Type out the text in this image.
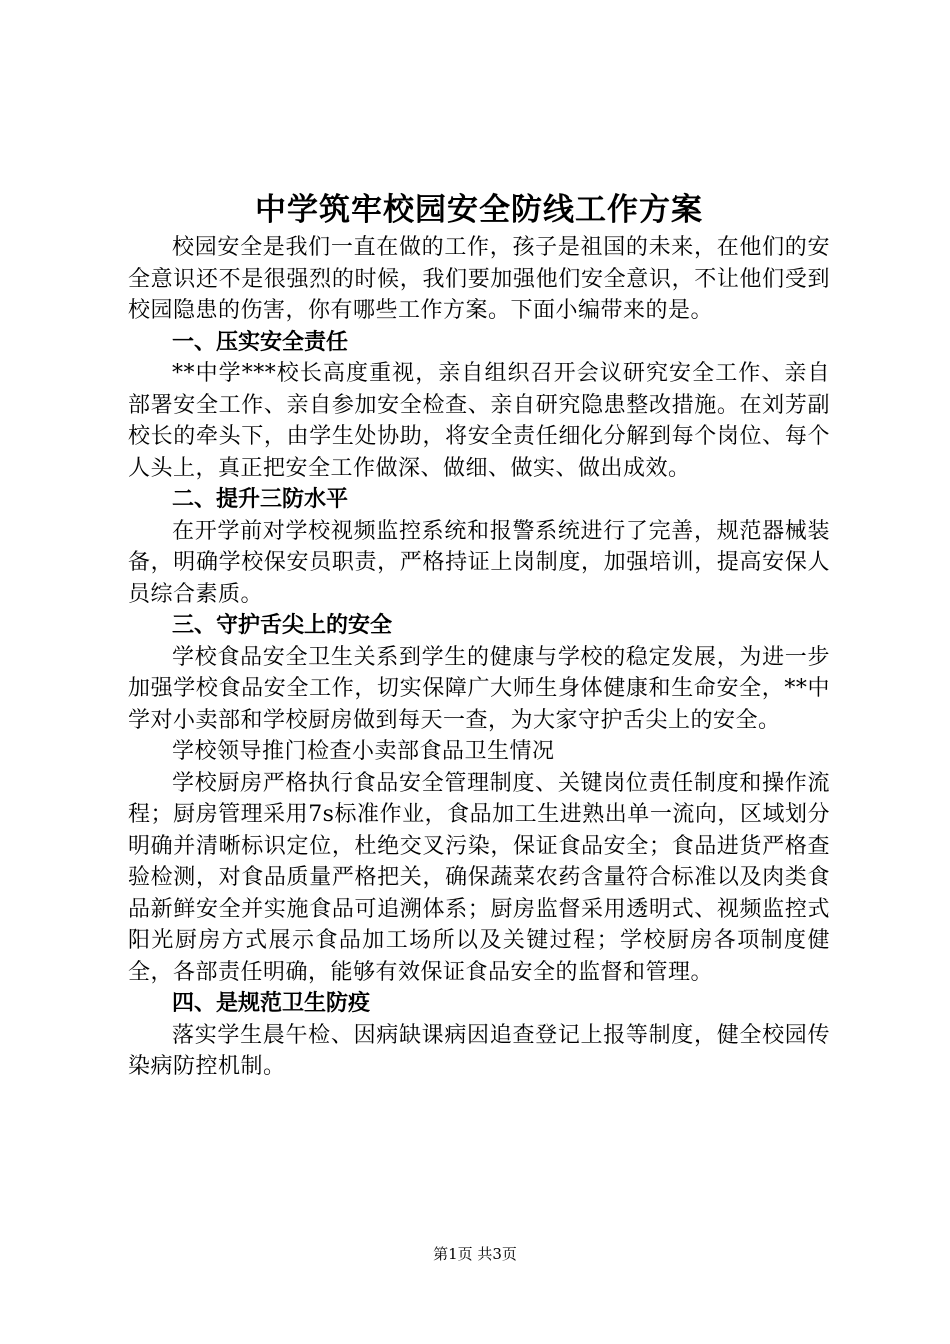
中学筑牢校园安全防线工作方案

校园安全是我们一直在做的工作，孩子是祖国的未来，在他们的安全意识还不是很强烈的时候，我们要加强他们安全意识，不让他们受到校园隐患的伤害，你有哪些工作方案。下面小编带来的是。

一、压实安全责任

**中学***校长高度重视，亲自组织召开会议研究安全工作、亲自部署安全工作、亲自参加安全检查、亲自研究隐患整改措施。在刘芳副校长的牵头下，由学生处协助，将安全责任细化分解到每个岗位、每个人头上，真正把安全工作做深、做细、做实、做出成效。

二、提升三防水平

在开学前对学校视频监控系统和报警系统进行了完善，规范器械装备，明确学校保安员职责，严格持证上岗制度，加强培训，提高安保人员综合素质。

三、守护舌尖上的安全

学校食品安全卫生关系到学生的健康与学校的稳定发展，为进一步加强学校食品安全工作，切实保障广大师生身体健康和生命安全，**中学对小卖部和学校厨房做到每天一查，为大家守护舌尖上的安全。

学校领导推门检查小卖部食品卫生情况

学校厨房严格执行食品安全管理制度、关键岗位责任制度和操作流程；厨房管理采用7s标准作业，食品加工生进熟出单一流向，区域划分明确并清晰标识定位，杜绝交叉污染，保证食品安全；食品进货严格查验检测，对食品质量严格把关，确保蔬菜农药含量符合标准以及肉类食品新鲜安全并实施食品可追溯体系；厨房监督采用透明式、视频监控式阳光厨房方式展示食品加工场所以及关键过程；学校厨房各项制度健全，各部责任明确，能够有效保证食品安全的监督和管理。

四、是规范卫生防疫

落实学生晨午检、因病缺课病因追查登记上报等制度，健全校园传染病防控机制。

第1页 共3页
